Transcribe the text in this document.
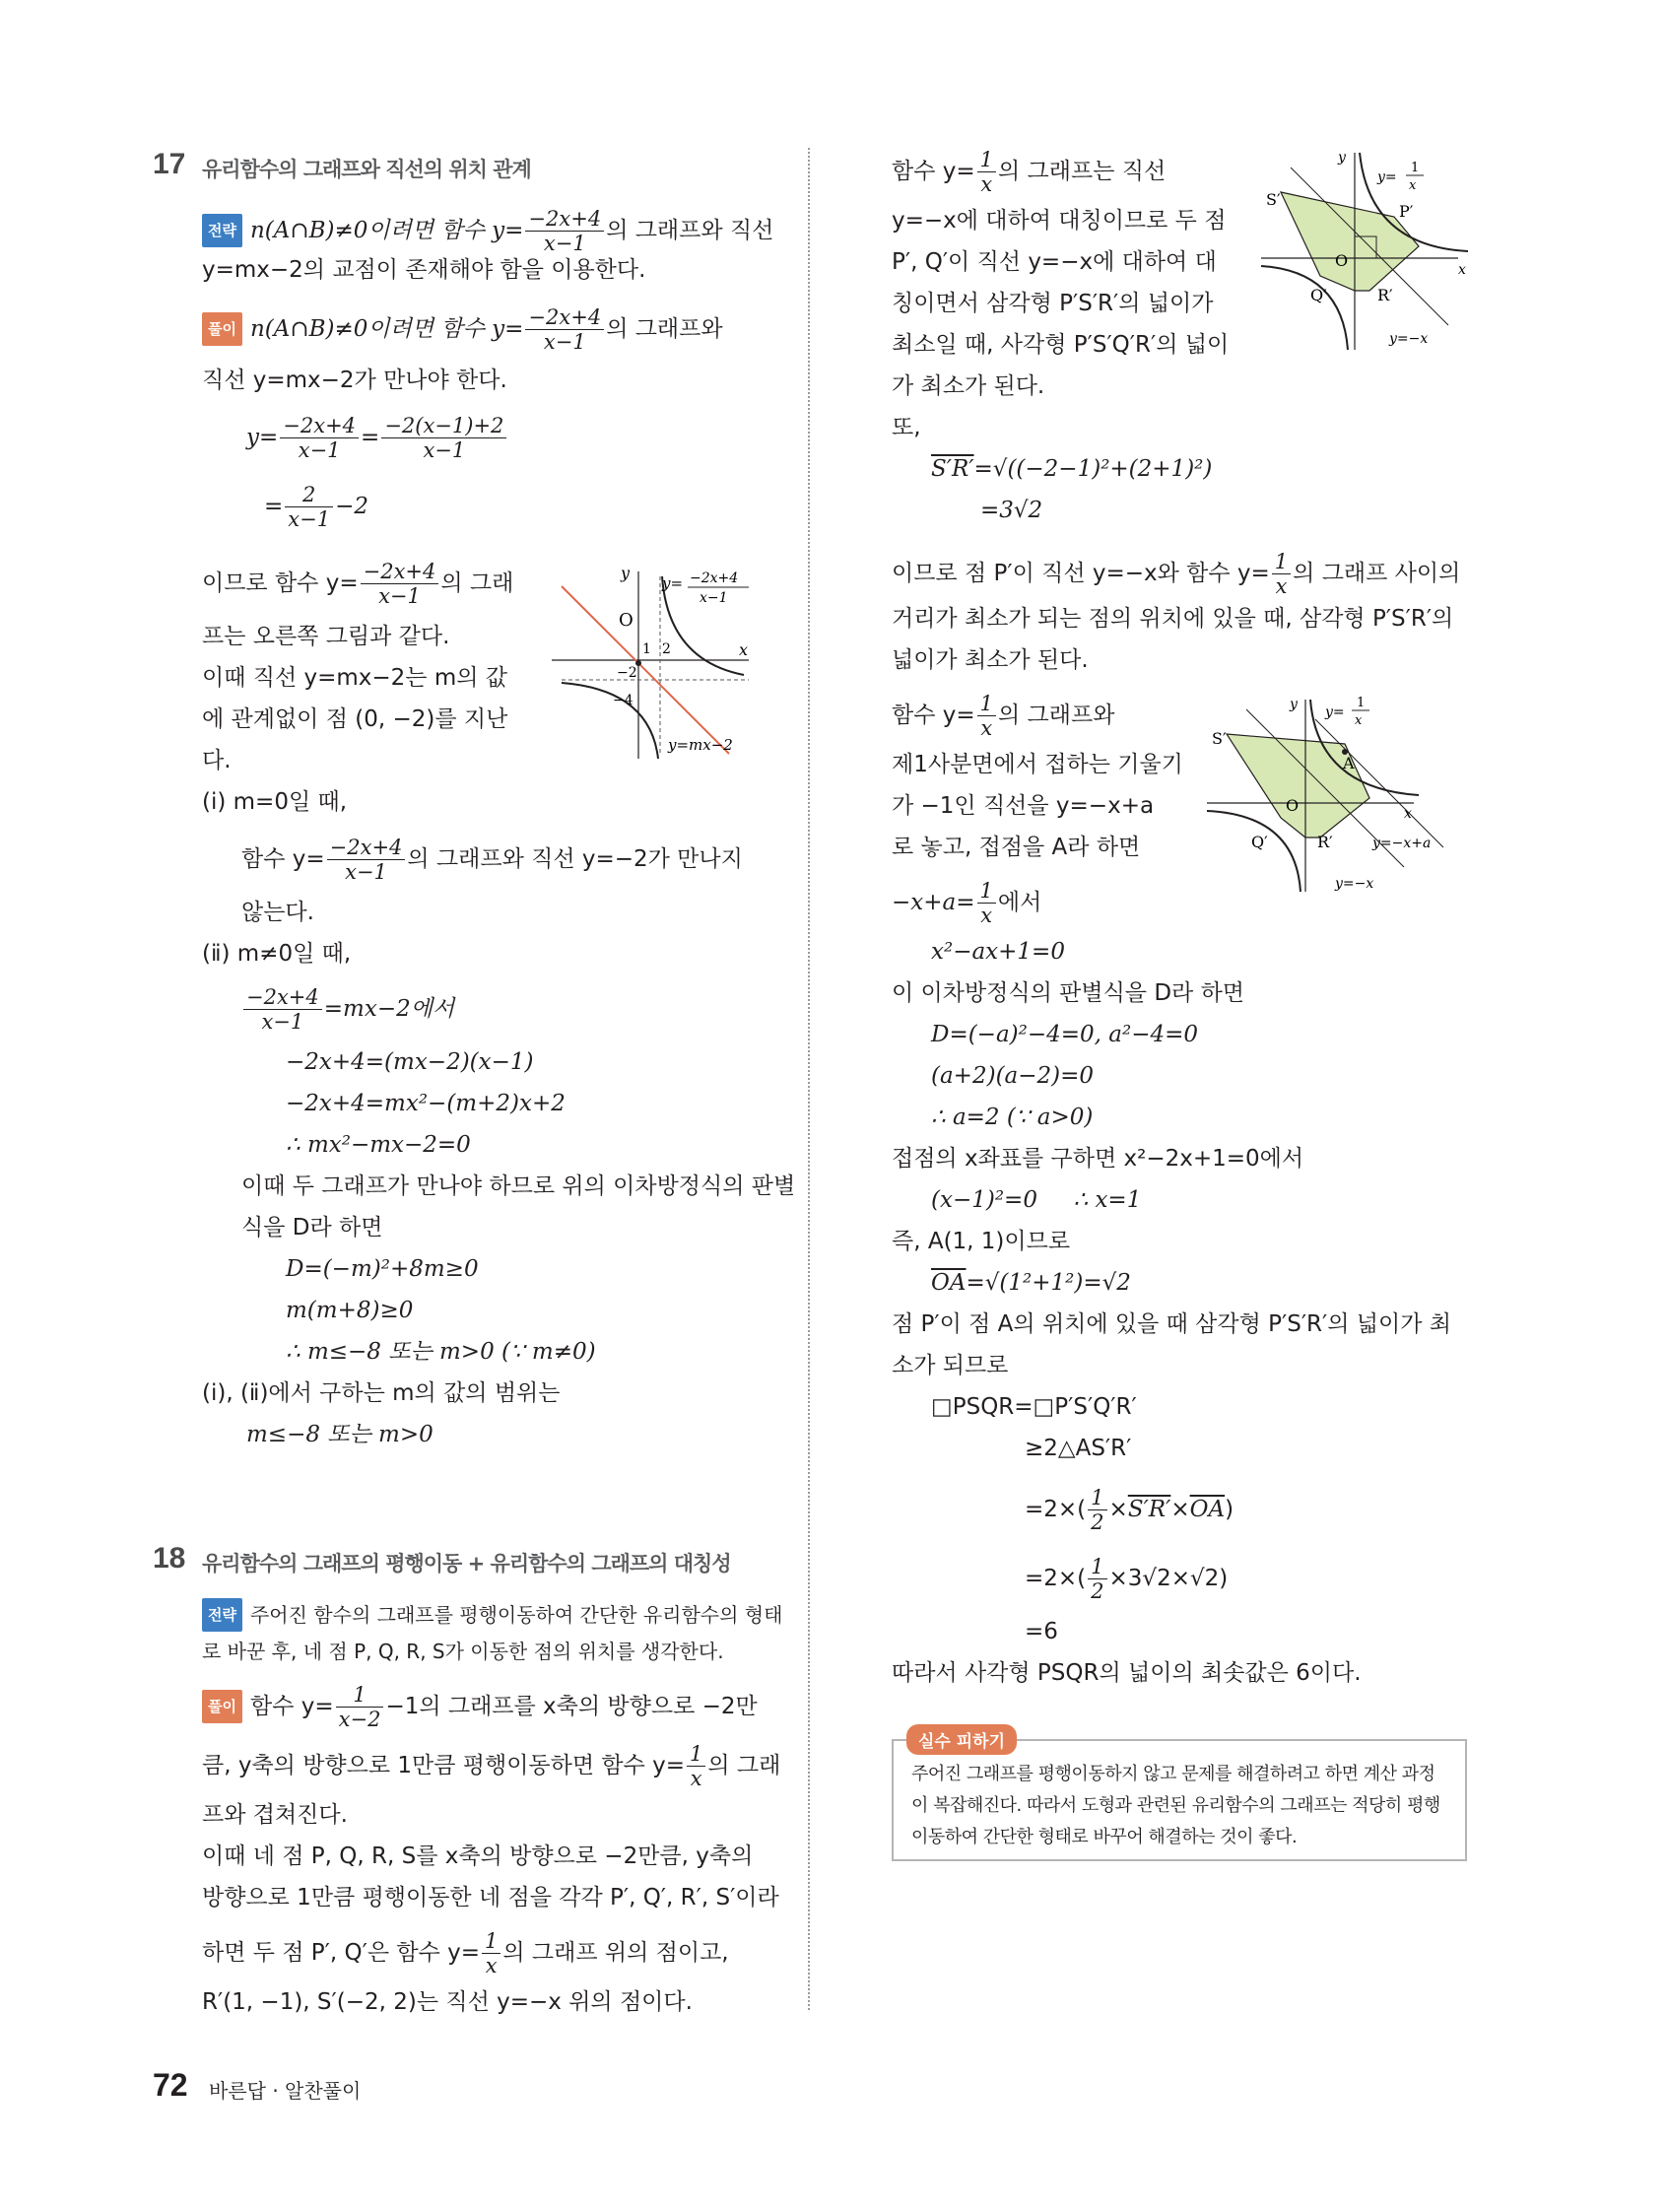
17 유리함수의 그래프와 직선의 위치 관계
전략 n(A∩B)≠0이려면 함수 $y= \frac{-2x+4}{x-1}$ 의 그래프와 직선
y=mx−2의 교점이 존재해야 함을 이용한다.
풀이 n(A∩B)≠0이려면 함수 $y= \frac{-2x+4}{x-1}$ 의 그래프와
직선 y=mx−2가 만나야 한다.
$y= \frac{-2x+4}{x-1} = \frac{-2(x-1)+2}{x-1}$
= $\frac{2}{x-1} -2$
이므로 함수 $y= \frac{-2x+4}{x-1}$ 의 그래
프는 오른쪽 그림과 같다.
이때 직선 y=mx−2는 m의 값
에 관계없이 점 (0, −2)를 지난
다.
y
x
O
1 2
−2
−4
y= −2x+4
x−1
y=mx−2
(ⅰ) m=0일 때,
함수 $y= \frac{-2x+4}{x-1}$ 의 그래프와 직선 y=−2가 만나지
않는다.
(ⅱ) m≠0일 때,
$\frac{-2x+4}{x-1} =mx-2$에서
−2x+4=(mx−2)(x−1)
−2x+4=mx²−(m+2)x+2
∴ mx²−mx−2=0
이때 두 그래프가 만나야 하므로 위의 이차방정식의 판별
식을 D라 하면
D=(−m)²+8m≥0
m(m+8)≥0
∴ m≤−8 또는 m>0 (∵ m≠0)
(ⅰ), (ⅱ)에서 구하는 m의 값의 범위는
m≤−8 또는 m>0
18 유리함수의 그래프의 평행이동 + 유리함수의 그래프의 대칭성
전략 주어진 함수의 그래프를 평행이동하여 간단한 유리함수의 형태
로 바꾼 후, 네 점 P, Q, R, S가 이동한 점의 위치를 생각한다.
풀이 함수 $y= \frac{1}{x-2} -1$의 그래프를 x축의 방향으로 −2만
큼, y축의 방향으로 1만큼 평행이동하면 함수 $y= \frac{1}{x}$ 의 그래
프와 겹쳐진다.
이때 네 점 P, Q, R, S를 x축의 방향으로 −2만큼, y축의
방향으로 1만큼 평행이동한 네 점을 각각 P′, Q′, R′, S′이라
하면 두 점 P′, Q′은 함수 $y= \frac{1}{x}$ 의 그래프 위의 점이고,
R′(1, −1), S′(−2, 2)는 직선 y=−x 위의 점이다.
함수 $y= \frac{1}{x}$ 의 그래프는 직선
y=−x에 대하여 대칭이므로 두 점
P′, Q′이 직선 y=−x에 대하여 대
칭이면서 삼각형 P′S′R′의 넓이가
최소일 때, 사각형 P′S′Q′R′의 넓이
가 최소가 된다.
y
x
O
S′
P′
Q′	R′
y=
1
x
y=−x
또,
S′R′=√((−2−1)²+(2+1)²)
=3√2
이므로 점 P′이 직선 y=−x와 함수 $y= \frac{1}{x}$ 의 그래프 사이의
거리가 최소가 되는 점의 위치에 있을 때, 삼각형 P′S′R′의
넓이가 최소가 된다.
함수 $y= \frac{1}{x}$ 의 그래프와
제1사분면에서 접하는 기울기
가 −1인 직선을 y=−x+a
로 놓고, 접점을 A라 하면
$-x+a= \frac{1}{x}$ 에서
y
x
O
S′
A
Q′	R′
y=
1
x
y=−x+a
y=−x
x²−ax+1=0
이 이차방정식의 판별식을 D라 하면
D=(−a)²−4=0, a²−4=0
(a+2)(a−2)=0
∴ a=2 (∵ a>0)
접점의 x좌표를 구하면 x²−2x+1=0에서
(x−1)²=0     ∴ x=1
즉, A(1, 1)이므로
$\overline{OA}=√(1^2+1^2)=√2$
점 P′이 점 A의 위치에 있을 때 삼각형 P′S′R′의 넓이가 최
소가 되므로
□PSQR=□P′S′Q′R′
≥2△AS′R′
$=2\times( \frac{1}{2} \times S'R'\times\overline{OA})$
$=2\times( \frac{1}{2} \times 3√2\times√2)$
=6
따라서 사각형 PSQR의 넓이의 최솟값은 6이다.
실수 피하기
주어진 그래프를 평행이동하지 않고 문제를 해결하려고 하면 계산 과정
이 복잡해진다. 따라서 도형과 관련된 유리함수의 그래프는 적당히 평행
이동하여 간단한 형태로 바꾸어 해결하는 것이 좋다.
72 바른답 · 알찬풀이
